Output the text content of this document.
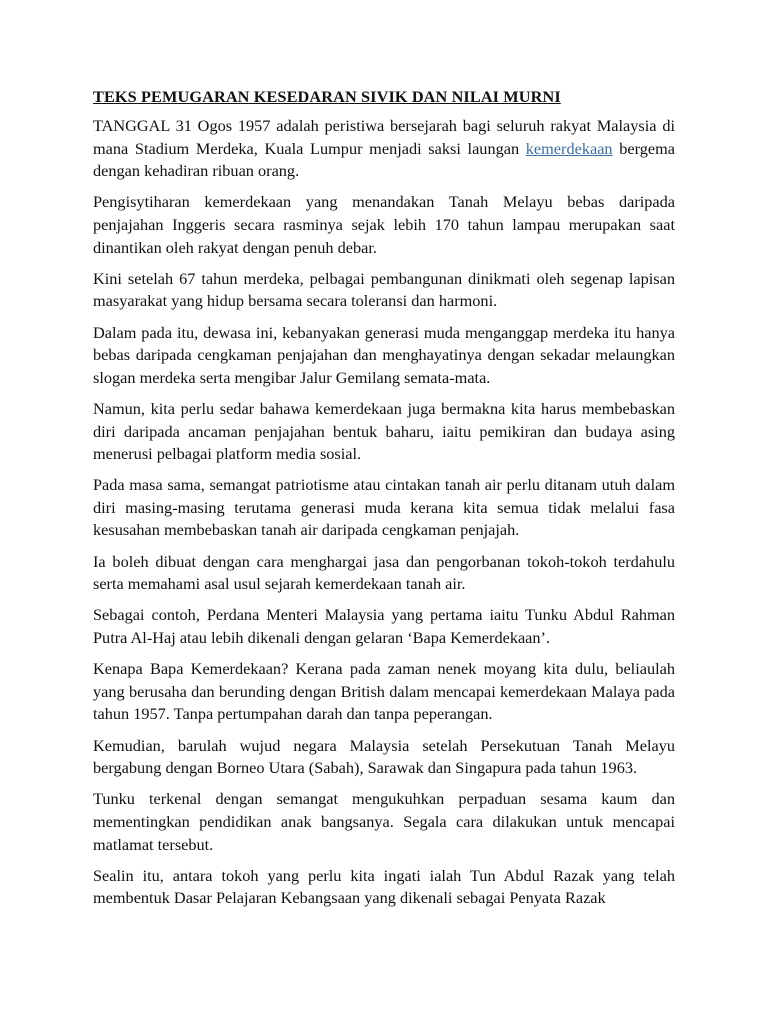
TEKS PEMUGARAN KESEDARAN SIVIK DAN NILAI MURNI

TANGGAL 31 Ogos 1957 adalah peristiwa bersejarah bagi seluruh rakyat Malaysia di mana Stadium Merdeka, Kuala Lumpur menjadi saksi laungan kemerdekaan bergema dengan kehadiran ribuan orang.

Pengisytiharan kemerdekaan yang menandakan Tanah Melayu bebas daripada penjajahan Inggeris secara rasminya sejak lebih 170 tahun lampau merupakan saat dinantikan oleh rakyat dengan penuh debar.

Kini setelah 67 tahun merdeka, pelbagai pembangunan dinikmati oleh segenap lapisan masyarakat yang hidup bersama secara toleransi dan harmoni.

Dalam pada itu, dewasa ini, kebanyakan generasi muda menganggap merdeka itu hanya bebas daripada cengkaman penjajahan dan menghayatinya dengan sekadar melaungkan slogan merdeka serta mengibar Jalur Gemilang semata-mata.

Namun, kita perlu sedar bahawa kemerdekaan juga bermakna kita harus membebaskan diri daripada ancaman penjajahan bentuk baharu, iaitu pemikiran dan budaya asing menerusi pelbagai platform media sosial.

Pada masa sama, semangat patriotisme atau cintakan tanah air perlu ditanam utuh dalam diri masing-masing terutama generasi muda kerana kita semua tidak melalui fasa kesusahan membebaskan tanah air daripada cengkaman penjajah.

Ia boleh dibuat dengan cara menghargai jasa dan pengorbanan tokoh-tokoh terdahulu serta memahami asal usul sejarah kemerdekaan tanah air.

Sebagai contoh, Perdana Menteri Malaysia yang pertama iaitu Tunku Abdul Rahman Putra Al-Haj atau lebih dikenali dengan gelaran ‘Bapa Kemerdekaan’.

Kenapa Bapa Kemerdekaan? Kerana pada zaman nenek moyang kita dulu, beliaulah yang berusaha dan berunding dengan British dalam mencapai kemerdekaan Malaya pada tahun 1957. Tanpa pertumpahan darah dan tanpa peperangan.

Kemudian, barulah wujud negara Malaysia setelah Persekutuan Tanah Melayu bergabung dengan Borneo Utara (Sabah), Sarawak dan Singapura pada tahun 1963.

Tunku terkenal dengan semangat mengukuhkan perpaduan sesama kaum dan mementingkan pendidikan anak bangsanya. Segala cara dilakukan untuk mencapai matlamat tersebut.

Sealin itu, antara tokoh yang perlu kita ingati ialah Tun Abdul Razak yang telah membentuk Dasar Pelajaran Kebangsaan yang dikenali sebagai Penyata Razak
